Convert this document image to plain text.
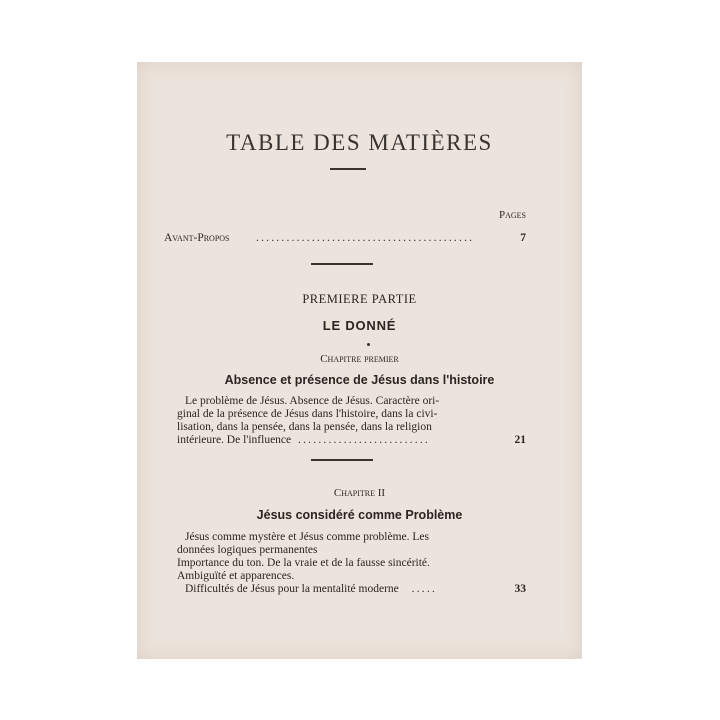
TABLE DES MATIÈRES
Pages
Avant-Propos ...........................................	7
PREMIERE PARTIE
LE DONNÉ
Chapitre premier
Absence et présence de Jésus dans l'histoire
Le problème de Jésus. Absence de Jésus. Caractère ori-
ginal de la présence de Jésus dans l'histoire, dans la civi-
lisation, dans la pensée, dans la pensée, dans la religion
intérieure. De l'influence ..........................	21
Chapitre II
Jésus considéré comme Problème
Jésus comme mystère et Jésus comme problème. Les
données logiques permanentes
Importance du ton. De la vraie et de la fausse sincérité.
Ambiguïté et apparences.
Difficultés de Jésus pour la mentalité moderne .....	33
